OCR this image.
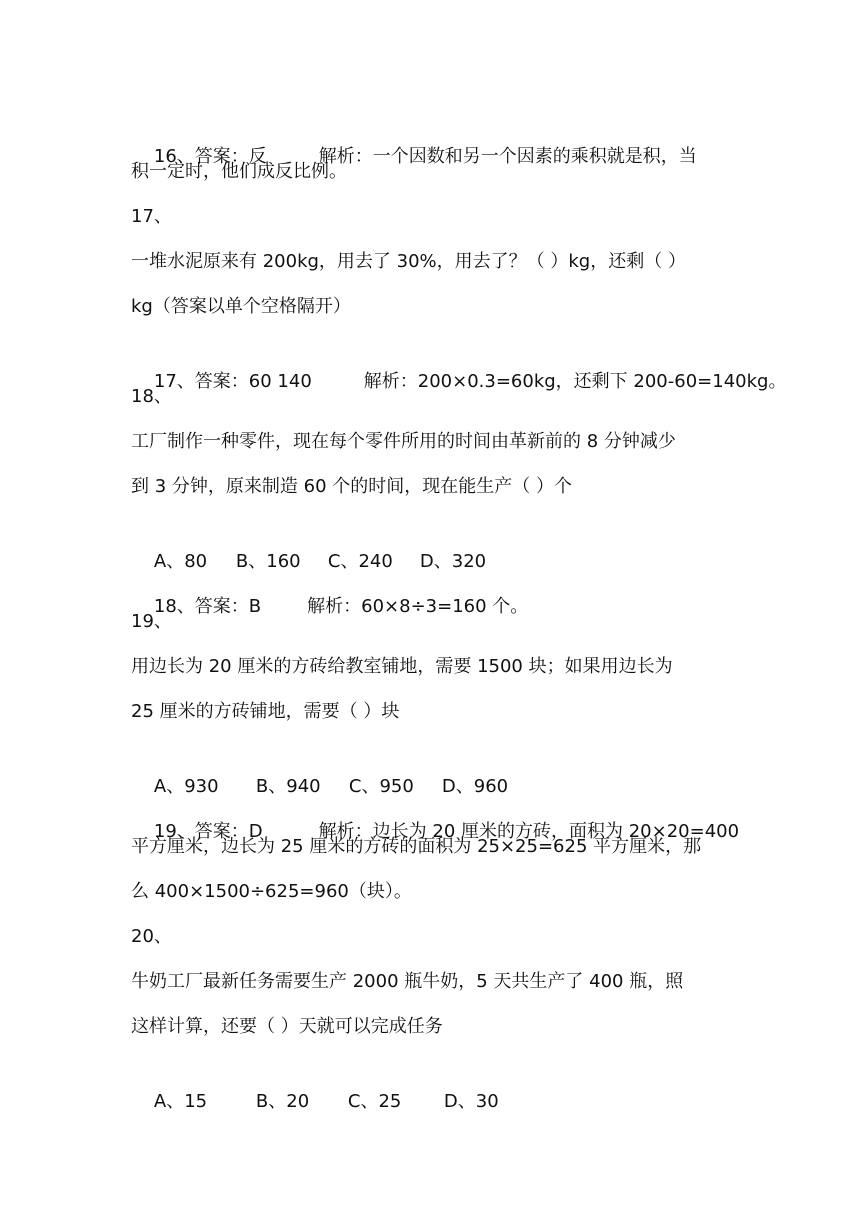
16、答案：反	解析：一个因数和另一个因素的乘积就是积，当

积一定时，他们成反比例。
17、
一堆水泥原来有 200kg，用去了 30%，用去了？（ ）kg，还剩（ ）
kg（答案以单个空格隔开）

17、答案：60 140	解析：200×0.3=60kg，还剩下 200-60=140kg。

18、
工厂制作一种零件，现在每个零件所用的时间由革新前的 8 分钟减少
到 3 分钟，原来制造 60 个的时间，现在能生产（ ）个

A、80 B、160 C、240 D、320

18、答案：B	解析：60×8÷3=160 个。

19、
用边长为 20 厘米的方砖给教室铺地，需要 1500 块；如果用边长为
25 厘米的方砖铺地，需要（ ）块

A、930 B、940 C、950 D、960

19、答案：D	解析：边长为 20 厘米的方砖，面积为 20×20=400

平方厘米，边长为 25 厘米的方砖的面积为 25×25=625 平方厘米，那
么 400×1500÷625=960（块）。
20、
牛奶工厂最新任务需要生产 2000 瓶牛奶，5 天共生产了 400 瓶，照
这样计算，还要（ ）天就可以完成任务

A、15	B、20 C、25 D、30
